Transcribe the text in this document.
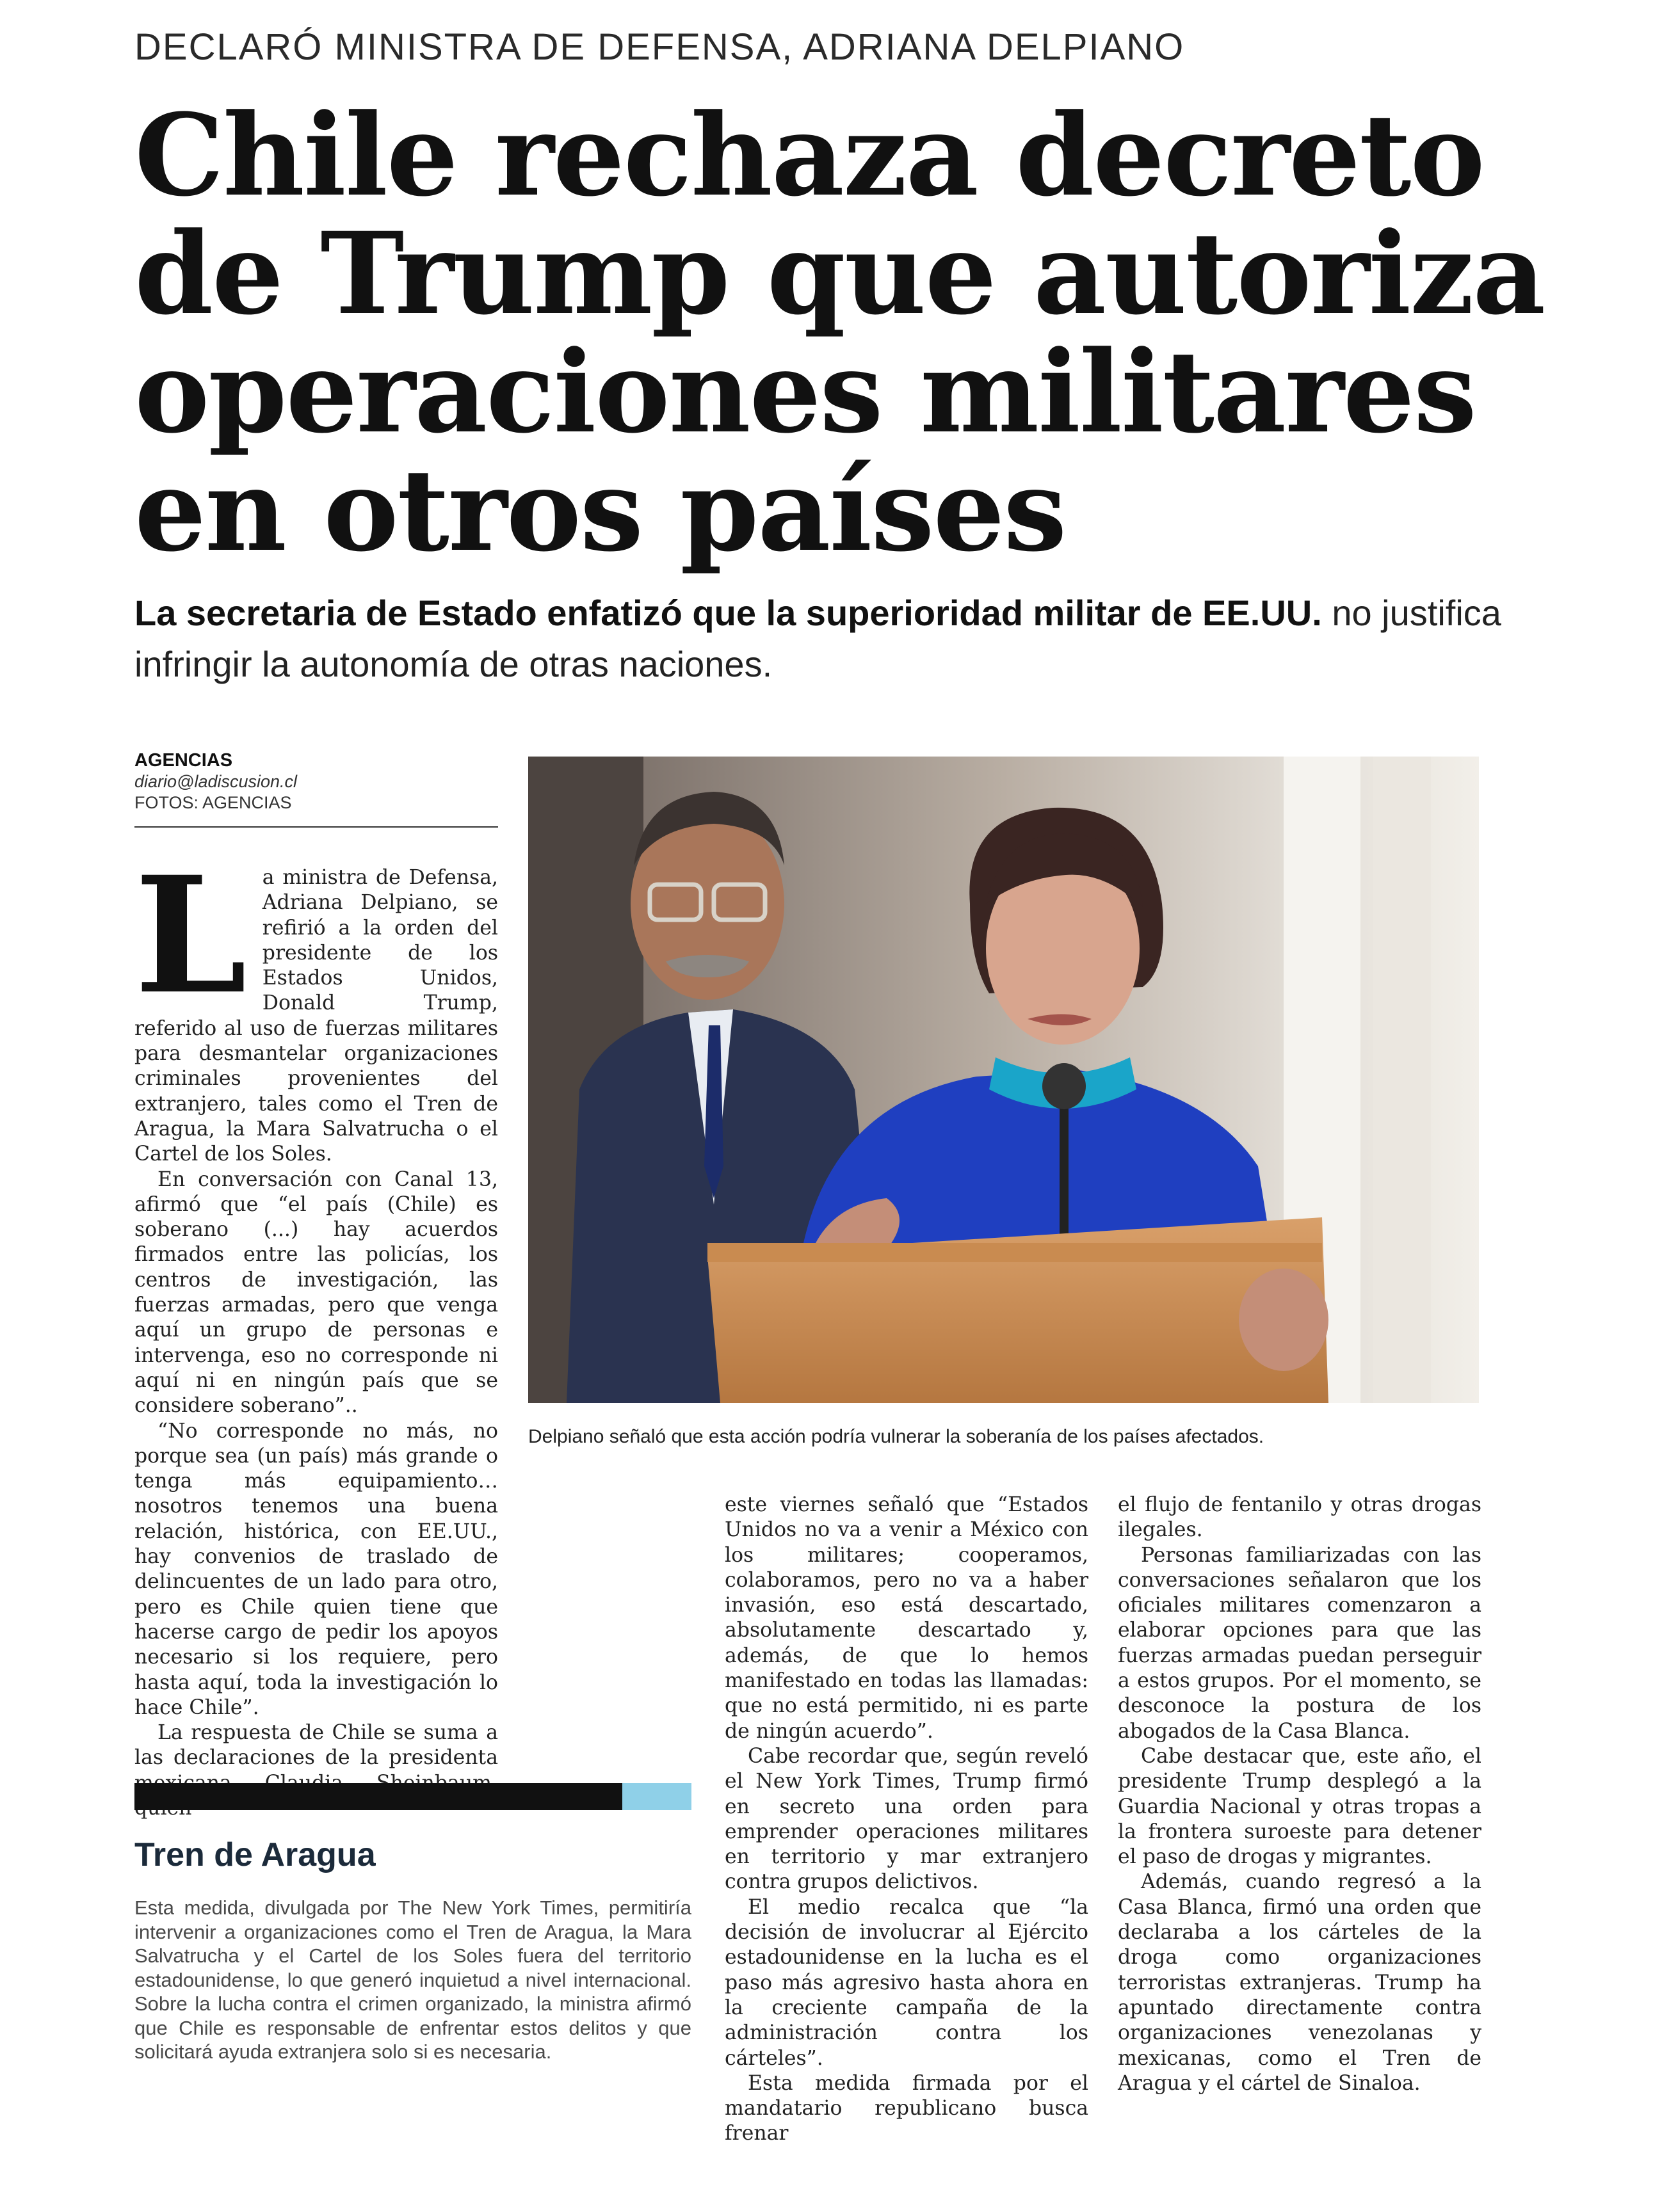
DECLARÓ MINISTRA DE DEFENSA, ADRIANA DELPIANO
Chile rechaza decreto
de Trump que autoriza
operaciones militares
en otros países
La secretaria de Estado enfatizó que la superioridad militar de EE.UU. no justifica infringir la autonomía de otras naciones.
AGENCIAS
diario@ladiscusion.cl
FOTOS: AGENCIAS
L a ministra de Defensa, Adriana Delpiano, se refirió a la orden del presidente de los Estados Unidos, Donald Trump, referido al uso de fuerzas militares para desmantelar organizaciones criminales provenientes del extranjero, tales como el Tren de Aragua, la Mara Salvatrucha o el Cartel de los Soles.

En conversación con Canal 13, afirmó que “el país (Chile) es soberano (...) hay acuerdos firmados entre las policías, los centros de investigación, las fuerzas armadas, pero que venga aquí un grupo de personas e intervenga, eso no corresponde ni aquí ni en ningún país que se considere soberano”..

“No corresponde no más, no porque sea (un país) más grande o tenga más equipamiento… nosotros tenemos una buena relación, histórica, con EE.UU., hay convenios de traslado de delincuentes de un lado para otro, pero es Chile quien tiene que hacerse cargo de pedir los apoyos necesario si los requiere, pero hasta aquí, toda la investigación lo hace Chile”.

La respuesta de Chile se suma a las declaraciones de la presidenta

Delpiano señaló que esta acción podría vulnerar la soberanía de los países afectados.

este viernes señaló que “Estados Unidos no va a venir a México con los militares; cooperamos, colaboramos, pero no va a haber invasión, eso está descartado, absolutamente descartado y, además, de que lo hemos manifestado en todas las llamadas: que no está permitido, ni es parte de ningún acuerdo”.

Cabe recordar que, según reveló el New York Times, Trump firmó en secreto una orden para emprender operaciones militares en territorio y mar extranjero contra grupos delictivos.

El medio recalca que “la decisión de involucrar al Ejército estadounidense en la lucha es el paso más agresivo hasta ahora en la creciente campaña de la administración contra los cárteles”.

Esta medida firmada por el mandatario republicano busca frenar

el flujo de fentanilo y otras drogas ilegales.

Personas familiarizadas con las conversaciones señalaron que los oficiales militares comenzaron a elaborar opciones para que las fuerzas armadas puedan perseguir a estos grupos. Por el momento, se desconoce la postura de los abogados de la Casa Blanca.

Cabe destacar que, este año, el presidente Trump desplegó a la Guardia Nacional y otras tropas a la frontera suroeste para detener el paso de drogas y migrantes.

Además, cuando regresó a la Casa Blanca, firmó una orden que declaraba a los cárteles de la droga como organizaciones terroristas extranjeras. Trump ha apuntado directamente contra organizaciones venezolanas y mexicanas, como el Tren de Aragua y el cártel de Sinaloa.

Tren de Aragua
Esta medida, divulgada por The New York Times, permitiría intervenir a organizaciones como el Tren de Aragua, la Mara Salvatrucha y el Cartel de los Soles fuera del territorio estadounidense, lo que generó inquietud a nivel internacional. Sobre la lucha contra el crimen organizado, la ministra afirmó que Chile es responsable de enfrentar estos delitos y que solicitará ayuda extranjera solo si es necesaria.
